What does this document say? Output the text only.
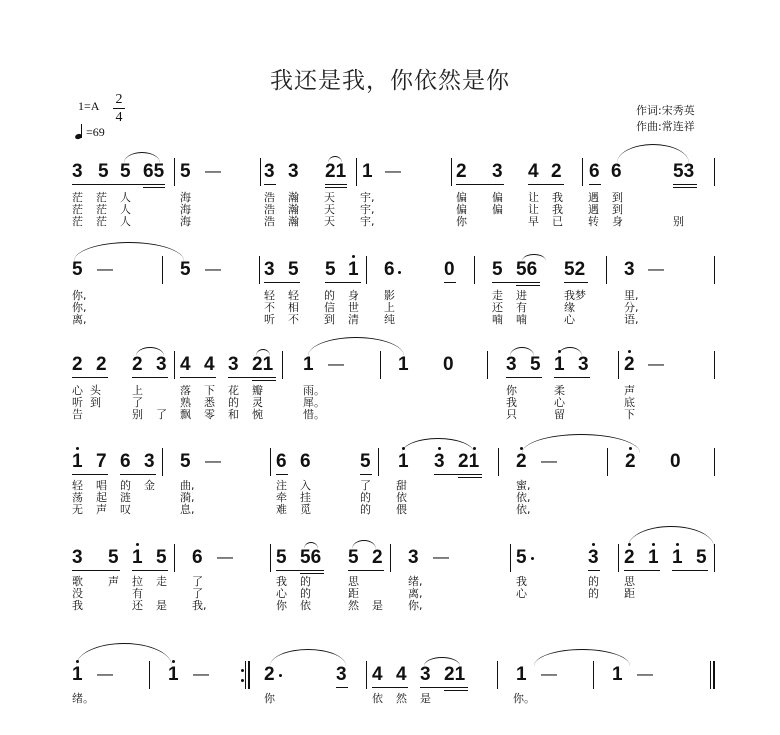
我还是我，你依然是你
1=A 2
4
=69
作词:宋秀英
作曲:常连祥
3 5 5 65 5 — 3 3 21 1 —	2 3 4 2 6 6	53
茫 茫 人	海	浩 瀚 天 宇,	偏 偏 让 我 遇 到
茫 茫 人	海	浩 瀚 天 宇,	偏 偏 让 我 遇 到
茫 茫 人	海	浩 瀚 天 宇,	你	早 已 转 身	别
5 —	5 — 3 5 5 1 6	0 5 56 52 3 —
你,	轻 轻 的 身 影	走 进	我梦	里,
你,	不 相 信 世 上	还 有	缘	分,
离,	听 不 到 清 纯	喃 喃	心	语,
2 2 2 3 4 4 3 21 1 —	1 0	3 5 1 3 2 —
心 头	上	落 下 花 瓣	雨。	你	柔	声
听 到	了	熟 悉 的 灵	犀。	我	心	底
告	别 了 飘 零 和 惋	惜。	只	留	下
1 7 6 3 5 —	6 6	5 1 3 21 2 —	2 0
轻 唱 的 金 曲,	注 入	了 甜	蜜,
荡 起 涟	漪,	牵 挂	的 依	依,
无 声 叹	息,	难 觅	的 偎	依,
3 5 1 5 6 — 5 56 5 2 3 —	5	3 2 1 1 5
歌 声 拉 走 了	我 的	思	绪,	我	的 思
没	有	了	心 的	距	离,	心	的 距
我	还 是 我,	你 依	然 是 你,
1 —	1 —	2	3 4 4 3 21	1 —	1 —
绪。	你	依 然 是	你。
